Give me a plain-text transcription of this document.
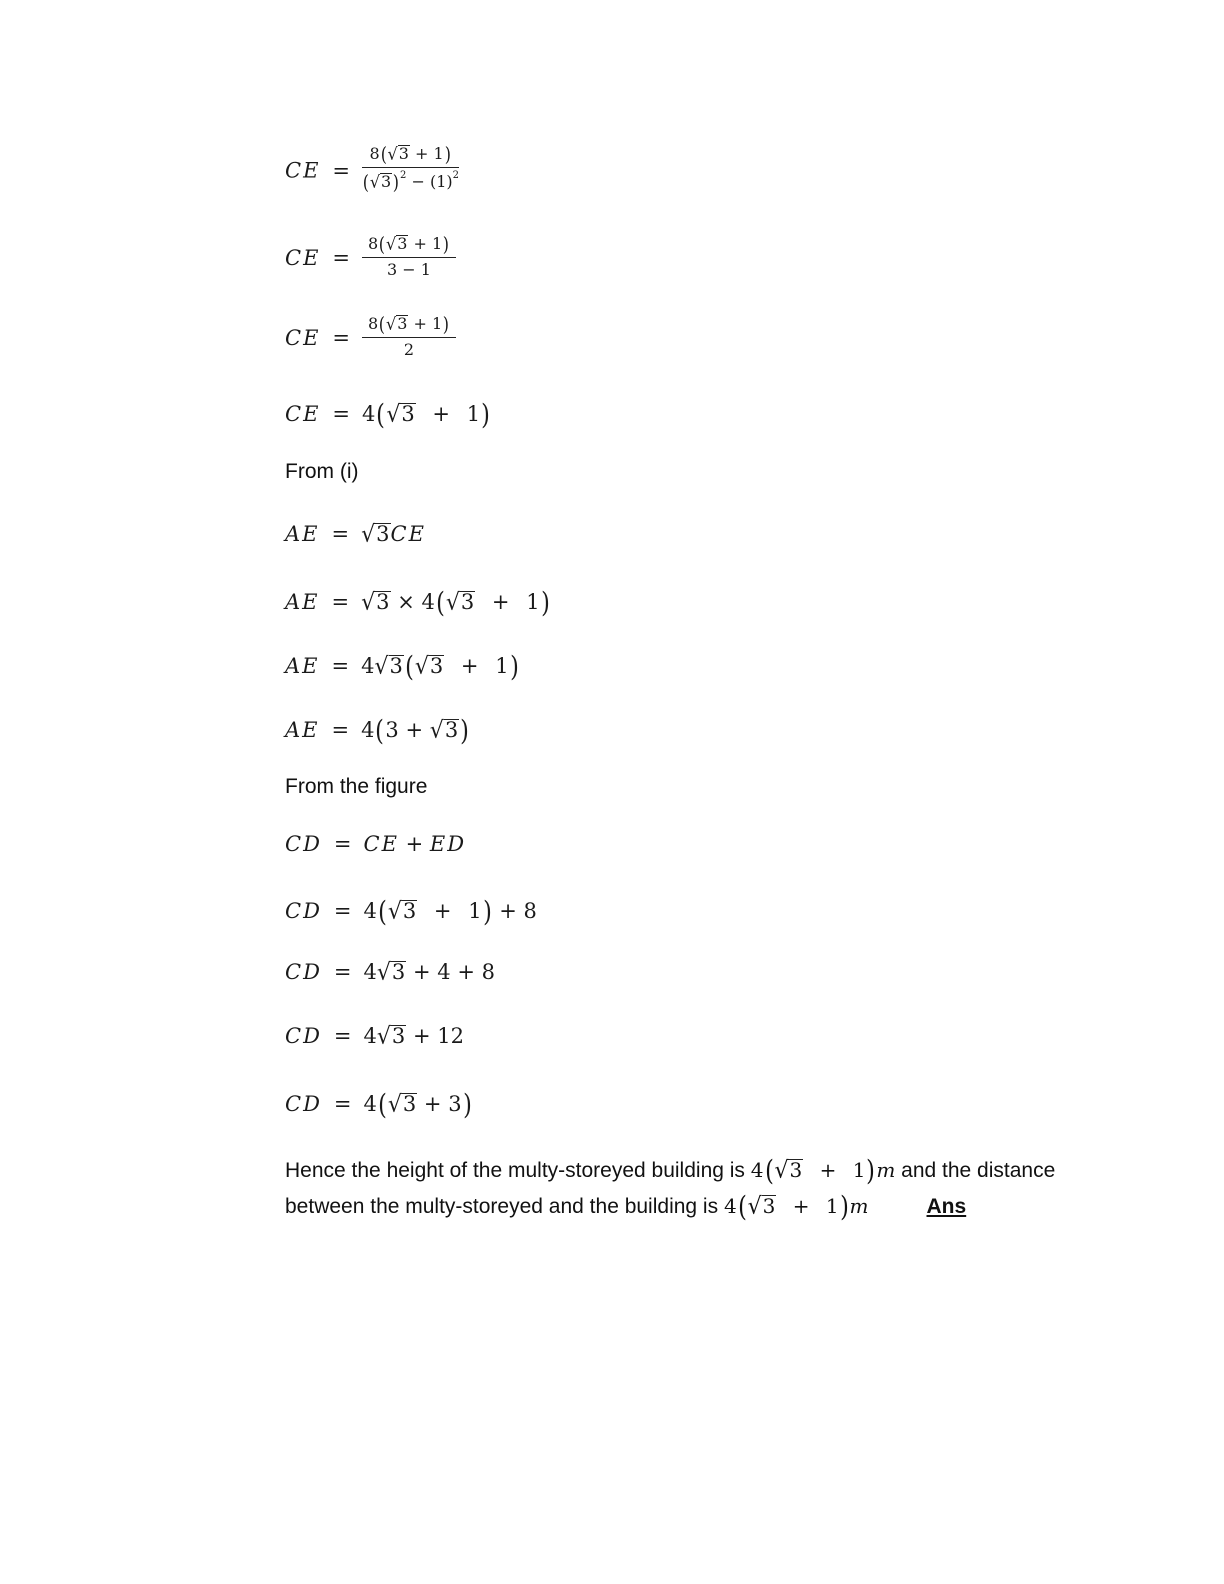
CE = $\frac{8(√3 + 1)}{(√3)^2 - (1)^2}$
CE = $\frac{8(√3 + 1)}{3 - 1}$
CE = $\frac{8(√3 + 1)}{2}$
CE = 4(√3 + 1)
From (i)
AE = √3CE
AE = √3 × 4(√3 + 1)
AE = 4√3(√3 + 1)
AE = 4(3 + √3)
From the figure
CD = CE + ED
CD = 4(√3 + 1) + 8
CD = 4√3 + 4 + 8
CD = 4√3 + 12
CD = 4(√3 + 3)
Hence the height of the multy-storeyed building is 4(√3 + 1)m and the distance
between the multy-storeyed and the building is 4(√3 + 1)m	Ans
